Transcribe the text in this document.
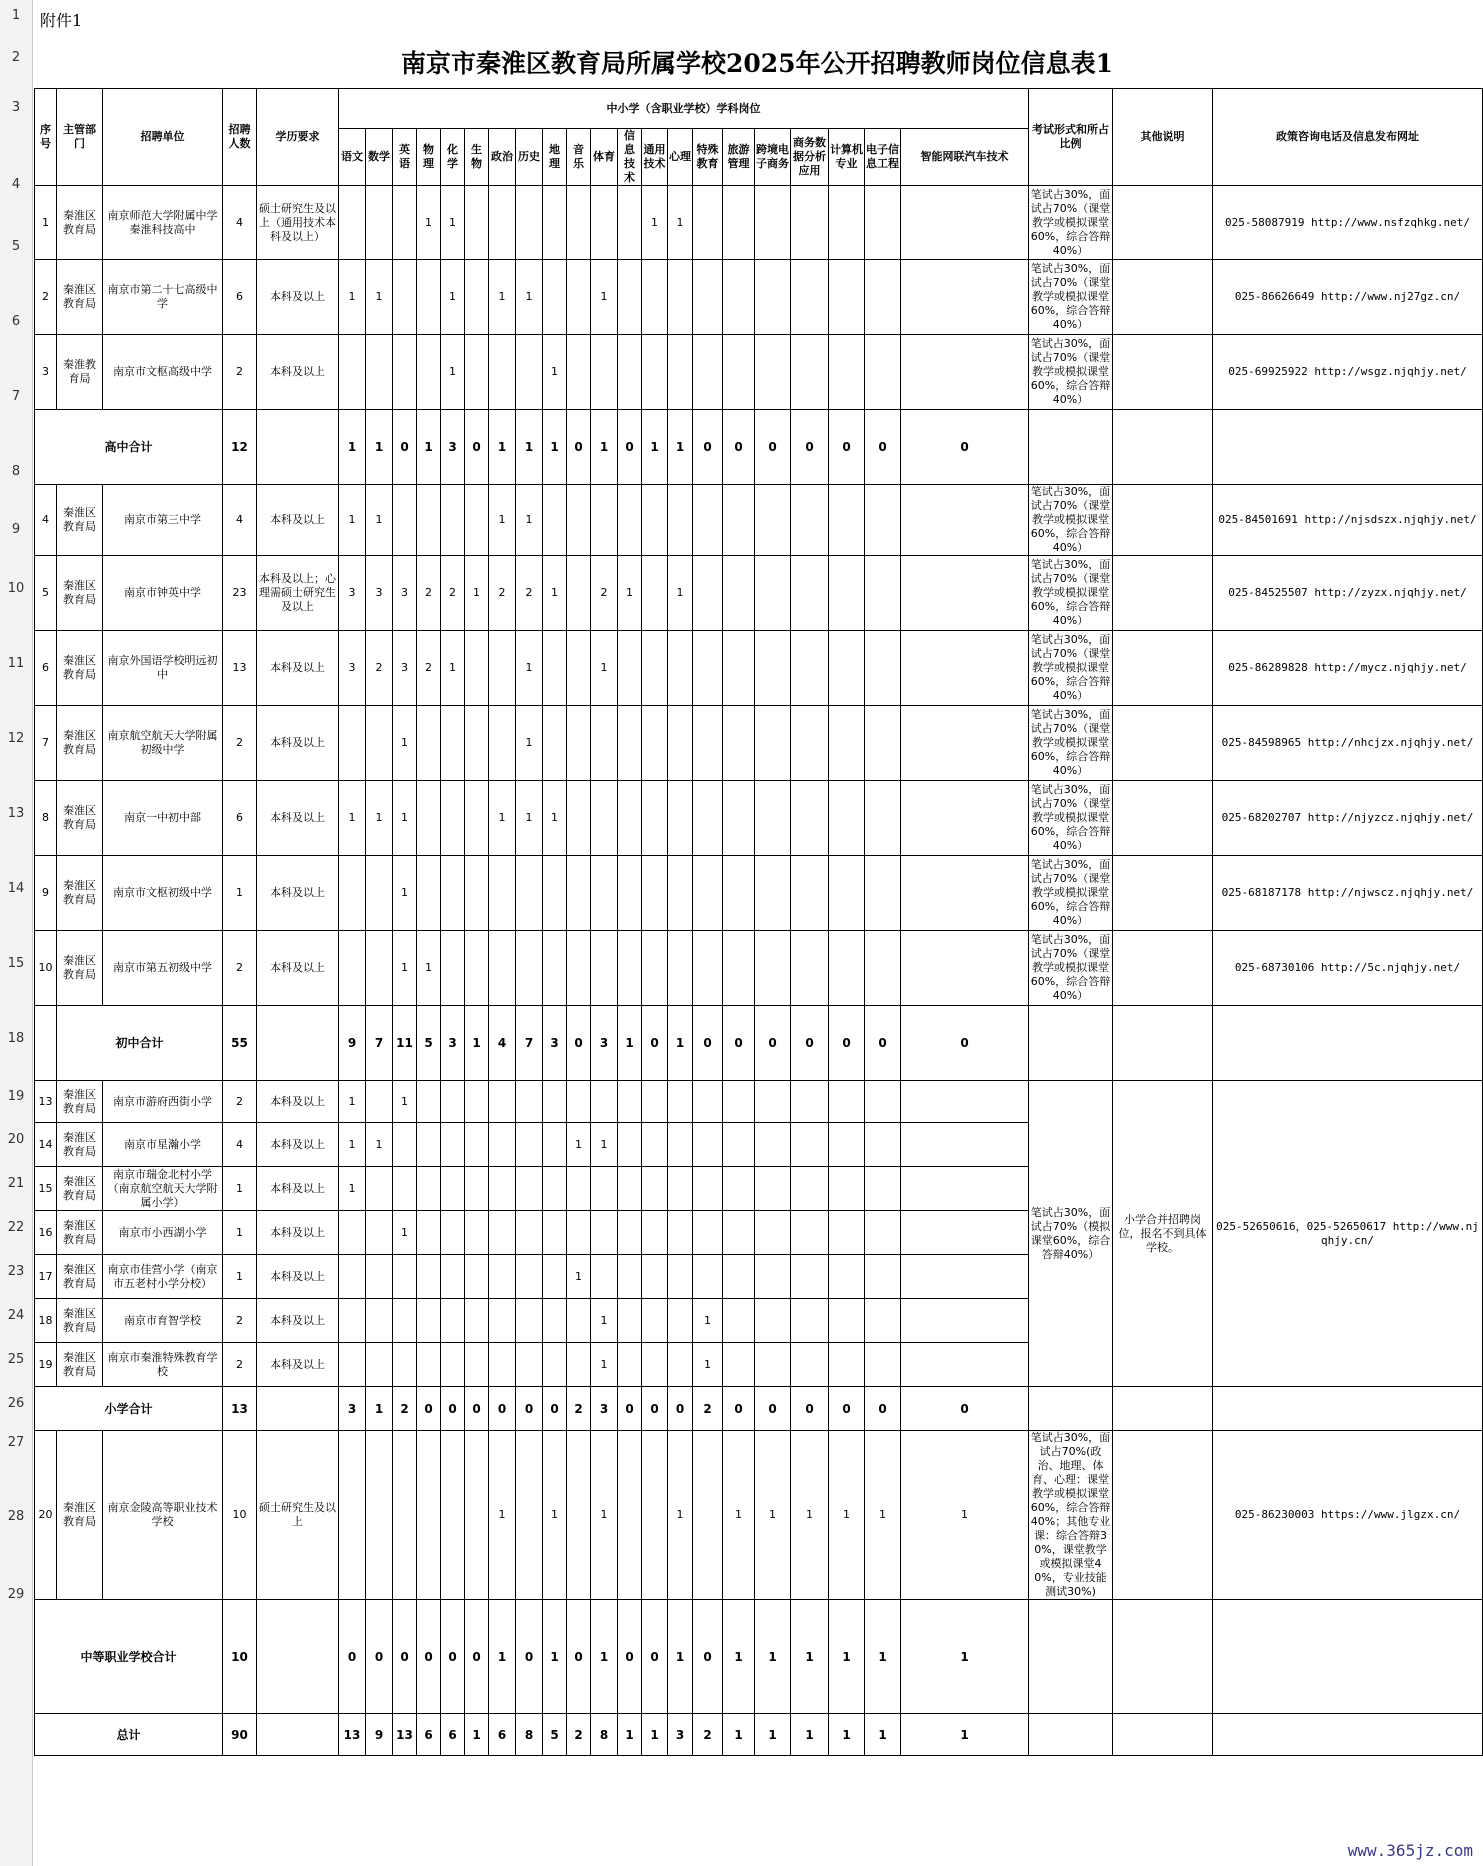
1
2
3
4
5
6
7
8
9
10
11
12
13
14
15
18
19
20
21
22
23
24
25
26
27
28
29
附件1
南京市秦淮区教育局所属学校2025年公开招聘教师岗位信息表1
序号	主管部门	招聘单位	招聘人数	学历要求	中小学（含职业学校）学科岗位																					考试形式和所占比例	其他说明	政策咨询电话及信息发布网址
					语文	数学	英语	物理	化学	生物	政治	历史	地理	音乐	体育	信息技术	通用技术	心理	特殊教育	旅游管理	跨境电子商务	商务数据分析应用	计算机专业	电子信息工程	智能网联汽车技术			
1	秦淮区教育局	南京师范大学附属中学秦淮科技高中	4	硕士研究生及以上（通用技术本科及以上）				1	1								1	1								笔试占30%，面试占70%（课堂教学或模拟课堂60%，综合答辩40%）		025-58087919 http://www.nsfzqhkg.net/
2	秦淮区教育局	南京市第二十七高级中学	6	本科及以上	1	1			1		1	1			1											笔试占30%，面试占70%（课堂教学或模拟课堂60%，综合答辩40%）		025-86626649 http://www.nj27gz.cn/
3	秦淮教育局	南京市文枢高级中学	2	本科及以上					1				1													笔试占30%，面试占70%（课堂教学或模拟课堂60%，综合答辩40%）		025-69925922 http://wsgz.njqhjy.net/
高中合计			12		1	1	0	1	3	0	1	1	1	0	1	0	1	1	0	0	0	0	0	0	0			
4	秦淮区教育局	南京市第三中学	4	本科及以上	1	1					1	1														笔试占30%，面试占70%（课堂教学或模拟课堂60%，综合答辩40%）		025-84501691 http://njsdszx.njqhjy.net/
5	秦淮区教育局	南京市钟英中学	23	本科及以上；心理需硕士研究生及以上	3	3	3	2	2	1	2	2	1		2	1		1								笔试占30%，面试占70%（课堂教学或模拟课堂60%，综合答辩40%）		025-84525507 http://zyzx.njqhjy.net/
6	秦淮区教育局	南京外国语学校明远初中	13	本科及以上	3	2	3	2	1			1			1											笔试占30%，面试占70%（课堂教学或模拟课堂60%，综合答辩40%）		025-86289828 http://mycz.njqhjy.net/
7	秦淮区教育局	南京航空航天大学附属初级中学	2	本科及以上			1					1														笔试占30%，面试占70%（课堂教学或模拟课堂60%，综合答辩40%）		025-84598965 http://nhcjzx.njqhjy.net/
8	秦淮区教育局	南京一中初中部	6	本科及以上	1	1	1				1	1	1													笔试占30%，面试占70%（课堂教学或模拟课堂60%，综合答辩40%）		025-68202707 http://njyzcz.njqhjy.net/
9	秦淮区教育局	南京市文枢初级中学	1	本科及以上			1																			笔试占30%，面试占70%（课堂教学或模拟课堂60%，综合答辩40%）		025-68187178 http://njwscz.njqhjy.net/
10	秦淮区教育局	南京市第五初级中学	2	本科及以上			1	1																		笔试占30%，面试占70%（课堂教学或模拟课堂60%，综合答辩40%）		025-68730106 http://5c.njqhjy.net/
	初中合计		55		9	7	11	5	3	1	4	7	3	0	3	1	0	1	0	0	0	0	0	0	0			
13	秦淮区教育局	南京市游府西街小学	2	本科及以上	1		1																			笔试占30%，面试占70%（模拟课堂60%，综合答辩40%）	小学合并招聘岗位，报名不到具体学校。	025-52650616，025-52650617 http://www.njqhjy.cn/
14	秦淮区教育局	南京市星瀚小学	4	本科及以上	1	1								1	1													
15	秦淮区教育局	南京市瑞金北村小学（南京航空航天大学附属小学）	1	本科及以上	1																							
16	秦淮区教育局	南京市小西湖小学	1	本科及以上			1																					
17	秦淮区教育局	南京市佳营小学（南京市五老村小学分校）	1	本科及以上										1														
18	秦淮区教育局	南京市育智学校	2	本科及以上											1				1									
19	秦淮区教育局	南京市秦淮特殊教育学校	2	本科及以上											1				1									
小学合计			13		3	1	2	0	0	0	0	0	0	2	3	0	0	0	2	0	0	0	0	0	0			
20	秦淮区教育局	南京金陵高等职业技术学校	10	硕士研究生及以上							1		1		1			1		1	1	1	1	1	1	笔试占30%，面试占70%(政治、地理、体育、心理：课堂教学或模拟课堂60%，综合答辩40%；其他专业课：综合答辩30%，课堂教学或模拟课堂40%，专业技能测试30%)		025-86230003 https://www.jlgzx.cn/
中等职业学校合计			10		0	0	0	0	0	0	1	0	1	0	1	0	0	1	0	1	1	1	1	1	1			
总计			90		13	9	13	6	6	1	6	8	5	2	8	1	1	3	2	1	1	1	1	1	1			
www.365jz.com
